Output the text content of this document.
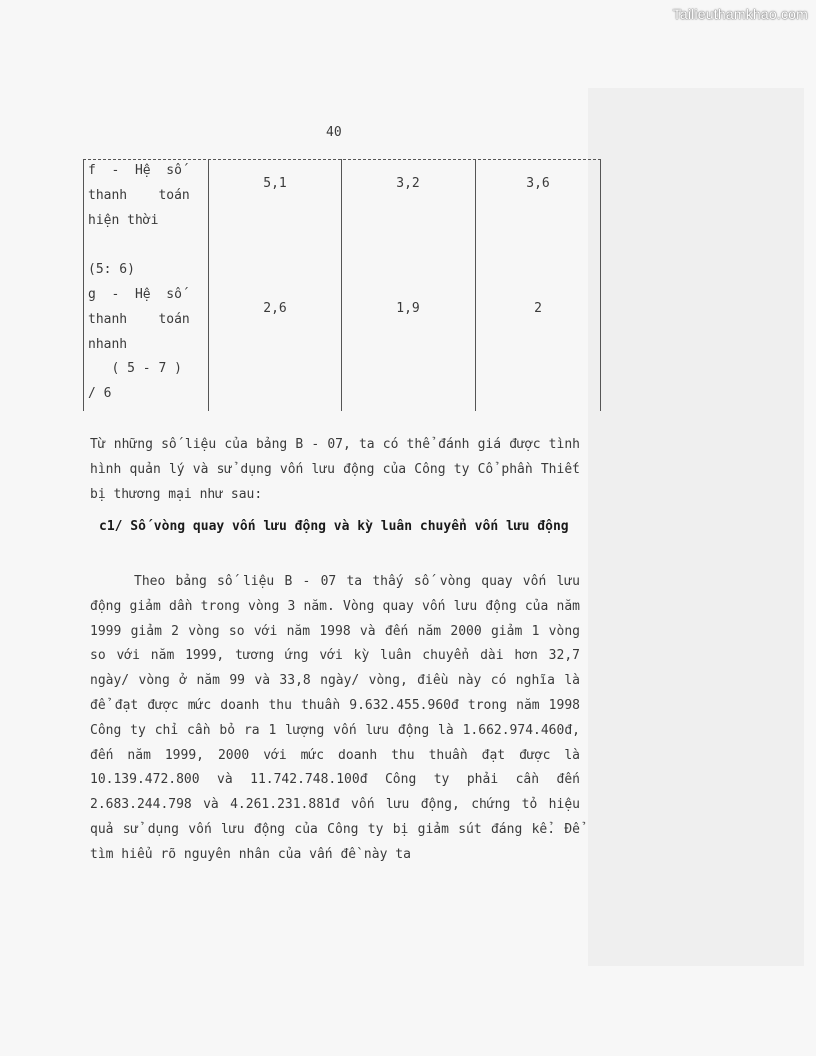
Tailieuthamkhao.com
40
f  -  Hệ  số
thanh    toán
hiện thời

(5: 6)
5,1	3,2	3,6
g  -  Hệ  số
thanh    toán
nhanh
( 5 - 7 )
/ 6
2,6	1,9	2

Từ những số liệu của bảng B - 07, ta có thể đánh giá được tình hình quản lý và sử dụng vốn lưu động của Công ty Cổ phần Thiết bị thương mại như sau:

c1/ Số vòng quay vốn lưu động và kỳ luân chuyển vốn lưu động

Theo bảng số liệu B - 07 ta thấy số vòng quay vốn lưu động giảm dần trong vòng 3 năm. Vòng quay vốn lưu động của năm 1999 giảm 2 vòng so với năm 1998 và đến năm 2000 giảm 1 vòng so với năm 1999, tương ứng với kỳ luân chuyển dài hơn 32,7 ngày/ vòng ở năm 99 và 33,8 ngày/ vòng, điều này có nghĩa là để đạt được mức doanh thu thuần 9.632.455.960đ trong năm 1998 Công ty chỉ cần bỏ ra 1 lượng vốn lưu động là 1.662.974.460đ, đến năm 1999, 2000 với mức doanh thu thuần đạt được là 10.139.472.800 và 11.742.748.100đ Công ty phải cần đến 2.683.244.798 và 4.261.231.881đ vốn lưu động, chứng tỏ hiệu quả sử dụng vốn lưu động của Công ty bị giảm sút đáng kể. Để tìm hiểu rõ nguyên nhân của vấn đề này ta
